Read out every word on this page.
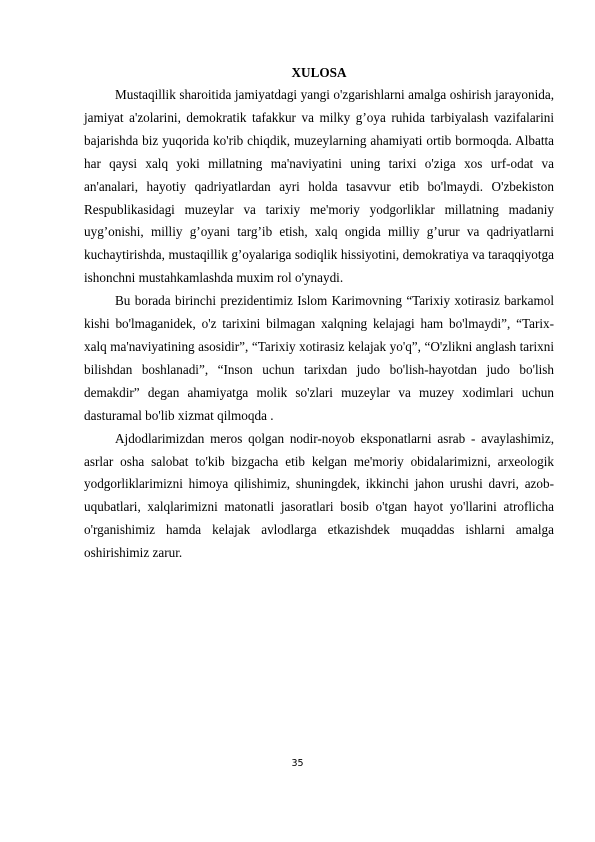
XULOSA

Mustaqillik sharoitida jamiyatdagi yangi o'zgarishlarni amalga oshirish jarayonida, jamiyat a'zolarini, demokratik tafakkur va milky g’oya ruhida tarbiyalash vazifalarini bajarishda biz yuqorida ko'rib chiqdik, muzeylarning ahamiyati ortib bormoqda. Albatta har qaysi xalq yoki millatning ma'naviyatini uning tarixi o'ziga xos urf-odat va an'analari, hayotiy qadriyatlardan ayri holda tasavvur etib bo'lmaydi. O'zbekiston Respublikasidagi muzeylar va tarixiy me'moriy yodgorliklar millatning madaniy uyg’onishi, milliy g’oyani targ’ib etish, xalq ongida milliy g’urur va qadriyatlarni kuchaytirishda, mustaqillik g’oyalariga sodiqlik hissiyotini, demokratiya va taraqqiyotga ishonchni mustahkamlashda muxim rol o'ynaydi.

Bu borada birinchi prezidentimiz Islom Karimovning “Tarixiy xotirasiz barkamol kishi bo'lmaganidek, o'z tarixini bilmagan xalqning kelajagi ham bo'lmaydi”, “Tarix- xalq ma'naviyatining asosidir”, “Tarixiy xotirasiz kelajak yo'q”, “O'zlikni anglash tarixni bilishdan boshlanadi”, “Inson uchun tarixdan judo bo'lish-hayotdan judo bo'lish demakdir” degan ahamiyatga molik so'zlari muzeylar va muzey xodimlari uchun dasturamal bo'lib xizmat qilmoqda .

Ajdodlarimizdan meros qolgan nodir-noyob eksponatlarni asrab - avaylashimiz, asrlar osha salobat to'kib bizgacha etib kelgan me'moriy obidalarimizni, arxeologik yodgorliklarimizni himoya qilishimiz, shuningdek, ikkinchi jahon urushi davri, azob-uqubatlari, xalqlarimizni matonatli jasoratlari bosib o'tgan hayot yo'llarini atroflicha o'rganishimiz hamda kelajak avlodlarga etkazishdek muqaddas ishlarni amalga oshirishimiz zarur.

35
